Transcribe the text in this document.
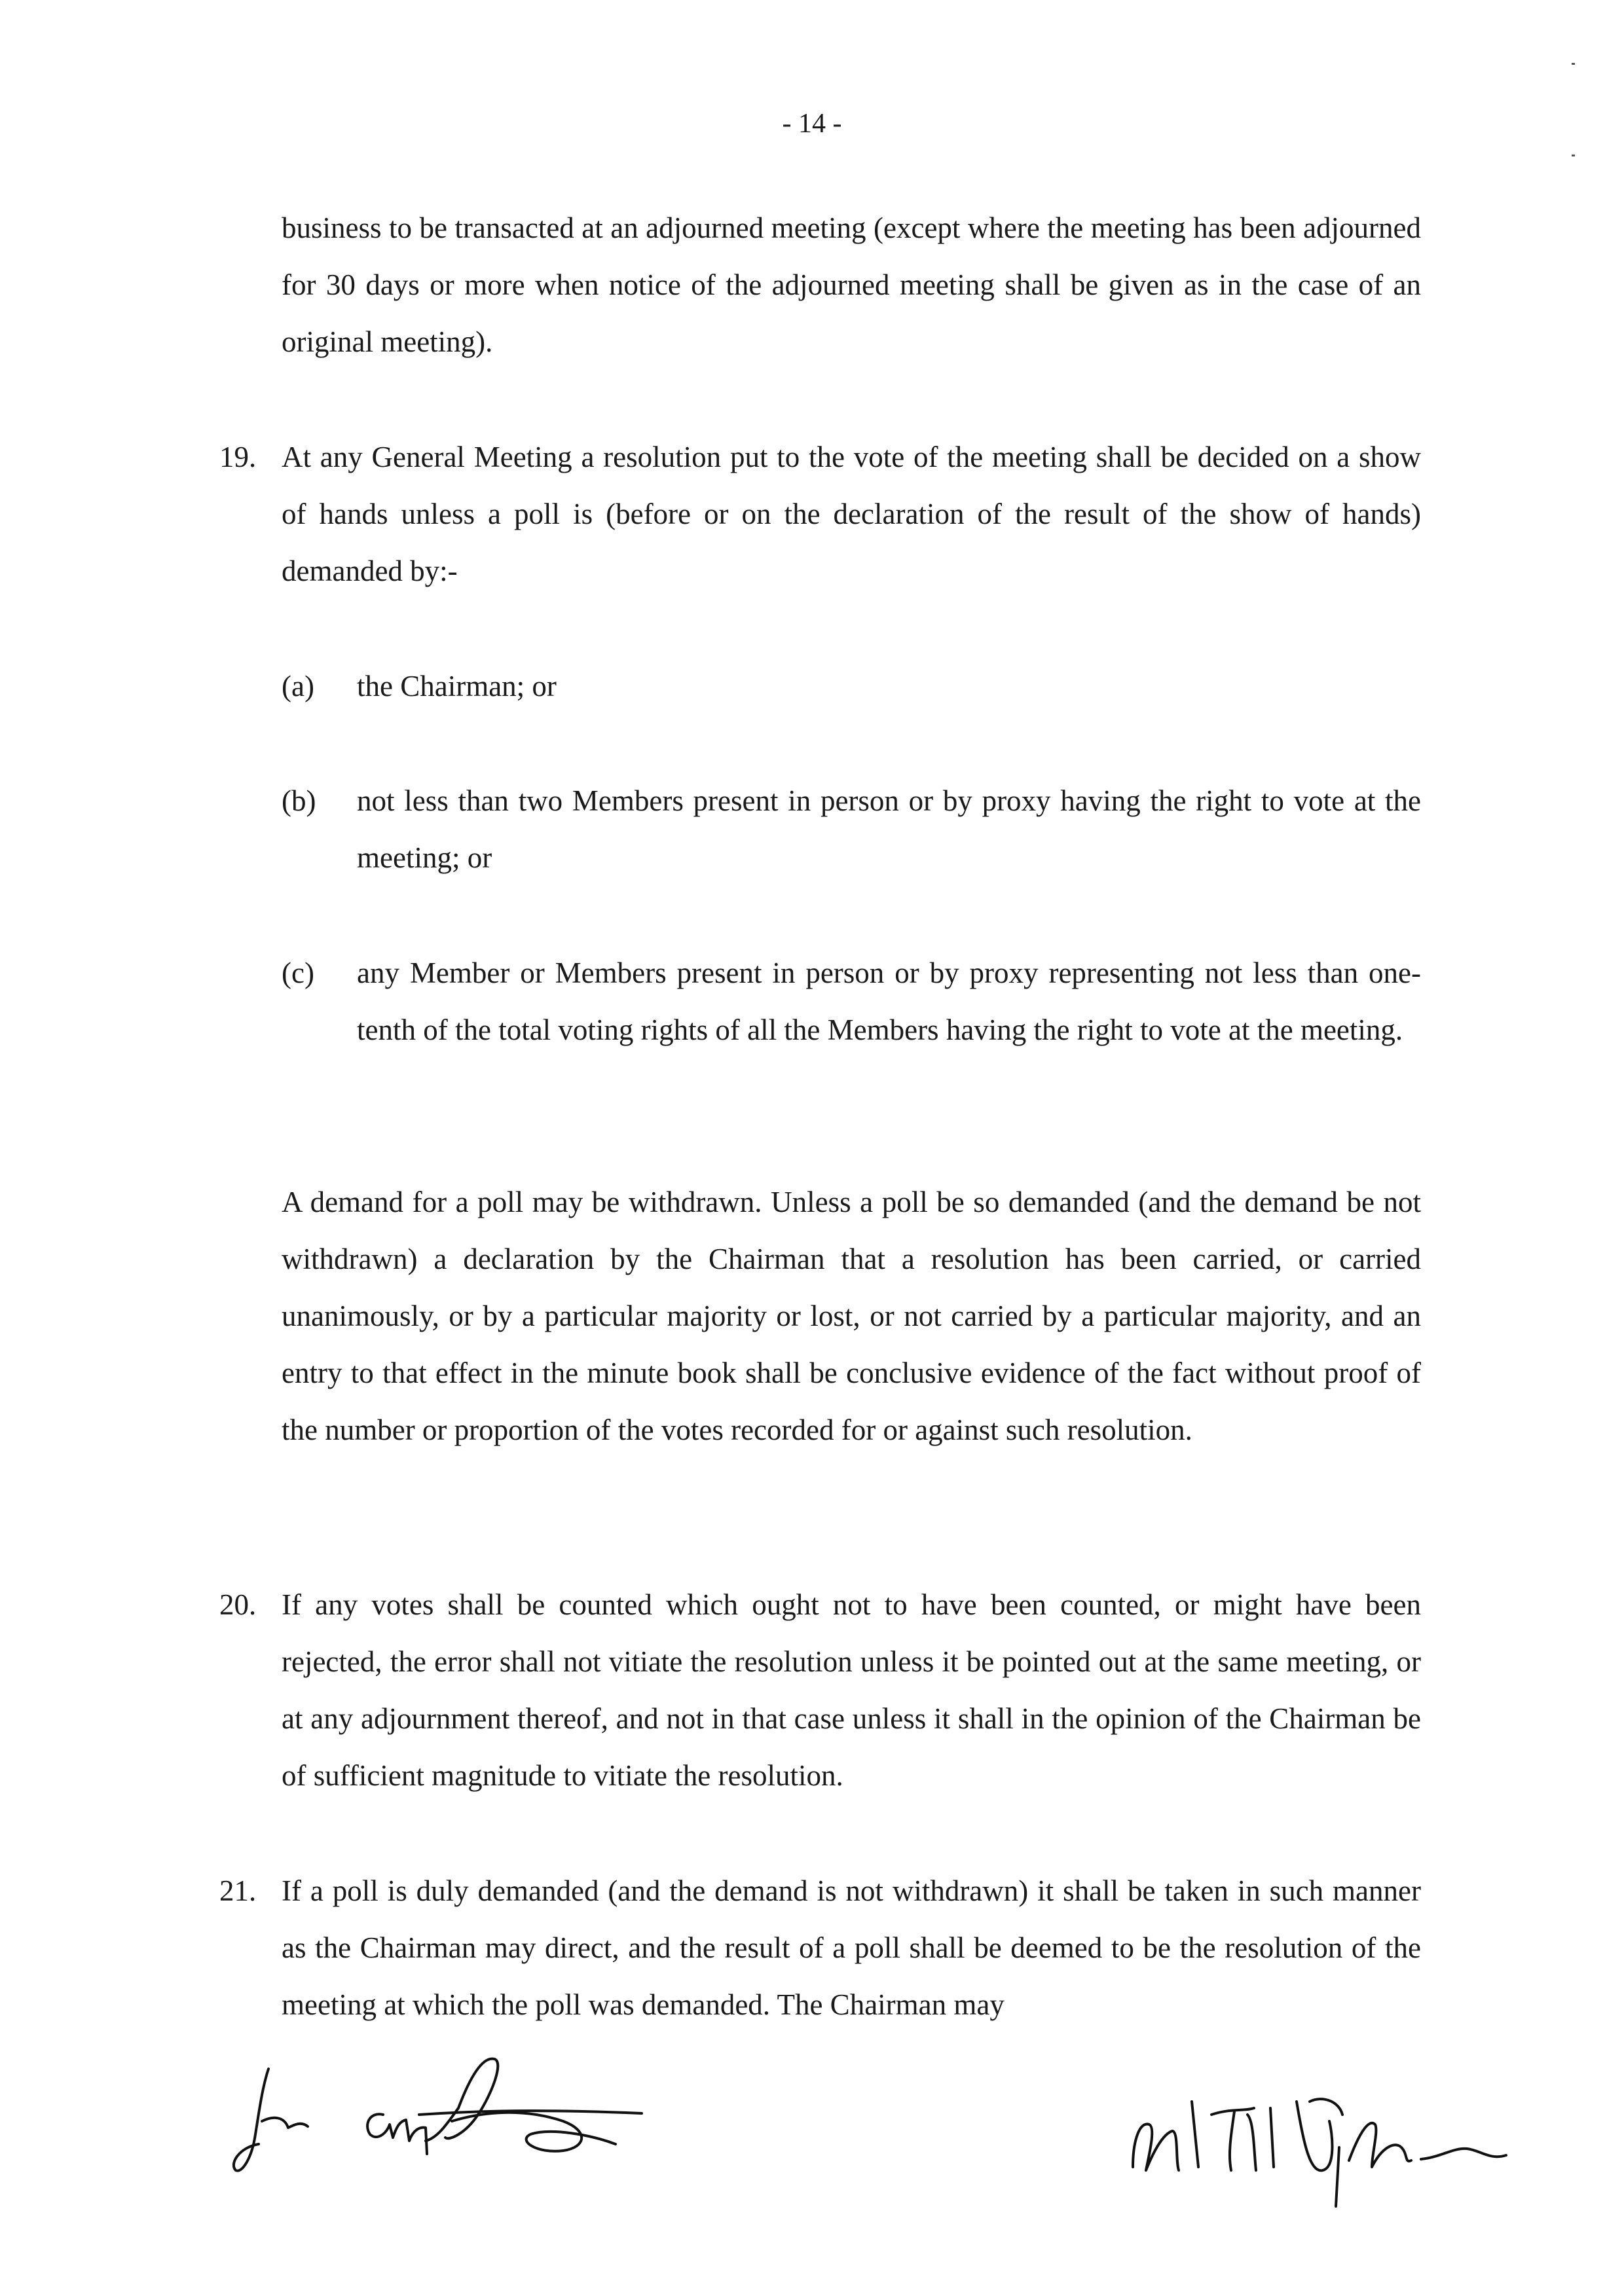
- 14 -

business to be transacted at an adjourned meeting (except where the meeting has been adjourned for 30 days or more when notice of the adjourned meeting shall be given as in the case of an original meeting).

19. At any General Meeting a resolution put to the vote of the meeting shall be decided on a show of hands unless a poll is (before or on the declaration of the result of the show of hands) demanded by:-

(a) the Chairman; or

(b) not less than two Members present in person or by proxy having the right to vote at the meeting; or

(c) any Member or Members present in person or by proxy representing not less than one-tenth of the total voting rights of all the Members having the right to vote at the meeting.

A demand for a poll may be withdrawn. Unless a poll be so demanded (and the demand be not withdrawn) a declaration by the Chairman that a resolution has been carried, or carried unanimously, or by a particular majority or lost, or not carried by a particular majority, and an entry to that effect in the minute book shall be conclusive evidence of the fact without proof of the number or proportion of the votes recorded for or against such resolution.

20. If any votes shall be counted which ought not to have been counted, or might have been rejected, the error shall not vitiate the resolution unless it be pointed out at the same meeting, or at any adjournment thereof, and not in that case unless it shall in the opinion of the Chairman be of sufficient magnitude to vitiate the resolution.

21. If a poll is duly demanded (and the demand is not withdrawn) it shall be taken in such manner as the Chairman may direct, and the result of a poll shall be deemed to be the resolution of the meeting at which the poll was demanded. The Chairman may
